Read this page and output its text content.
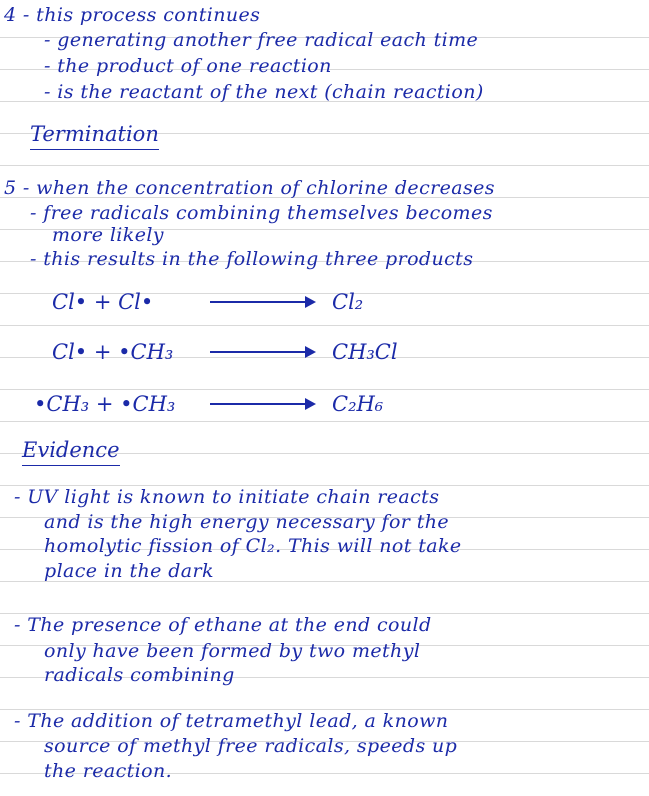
4 - this process continues
- generating another free radical each time
- the product of one reaction
- is the reactant of the next (chain reaction)
Termination
5 - when the concentration of chlorine decreases
- free radicals combining themselves becomes
more likely
- this results in the following three products
Cl• + Cl•	Cl₂
Cl• + •CH₃	CH₃Cl
•CH₃ + •CH₃	C₂H₆
Evidence
- UV light is known to initiate chain reacts
and is the high energy necessary for the
homolytic fission of Cl₂. This will not take
place in the dark
- The presence of ethane at the end could
only have been formed by two methyl
radicals combining
- The addition of tetramethyl lead, a known
source of methyl free radicals, speeds up
the reaction.
